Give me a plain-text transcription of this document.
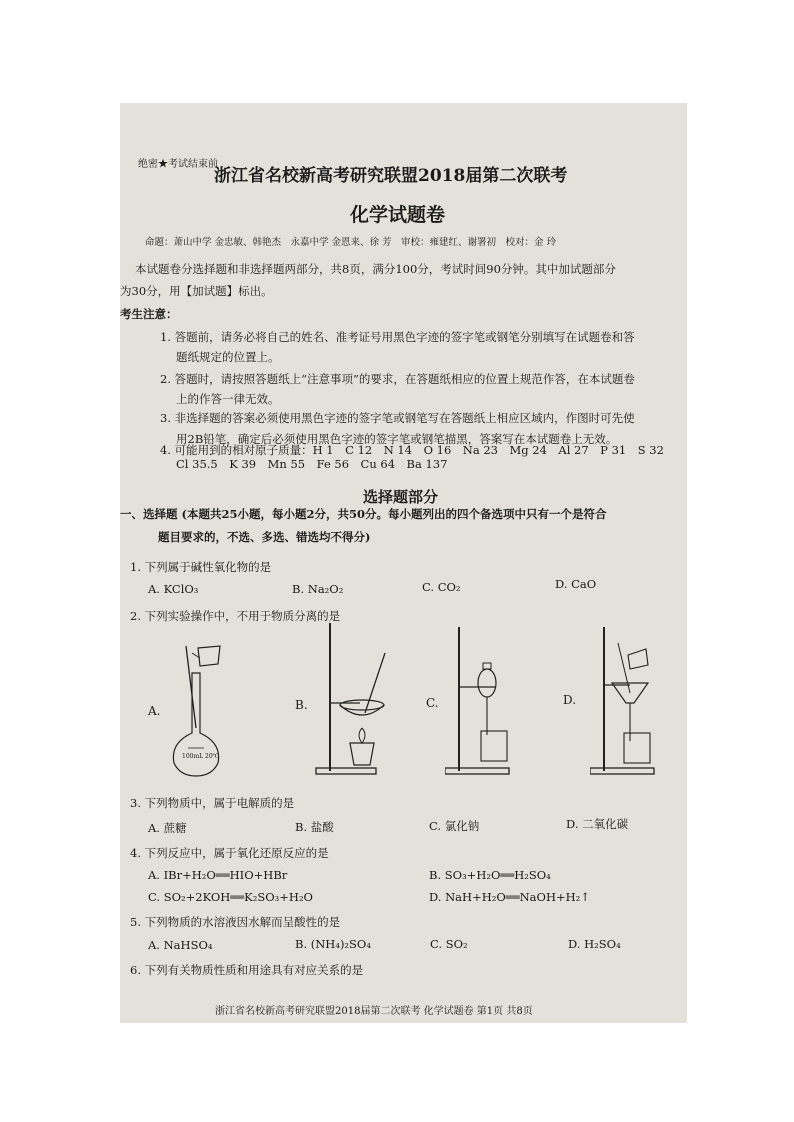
绝密★考试结束前
浙江省名校新高考研究联盟2018届第二次联考
化学试题卷
命题：萧山中学 金忠敏、韩艳杰　永嘉中学 金恩来、徐 芳　审校：雍建红、谢署初　校对：金 玲
本试题卷分选择题和非选择题两部分，共8页，满分100分，考试时间90分钟。其中加试题部分
为30分，用【加试题】标出。
考生注意：
1. 答题前，请务必将自己的姓名、准考证号用黑色字迹的签字笔或钢笔分别填写在试题卷和答
题纸规定的位置上。
2. 答题时，请按照答题纸上“注意事项”的要求，在答题纸相应的位置上规范作答，在本试题卷
上的作答一律无效。
3. 非选择题的答案必须使用黑色字迹的签字笔或钢笔写在答题纸上相应区域内，作图时可先使
用2B铅笔，确定后必须使用黑色字迹的签字笔或钢笔描黑，答案写在本试题卷上无效。
4. 可能用到的相对原子质量：H 1　C 12　N 14　O 16　Na 23　Mg 24　Al 27　P 31　S 32
Cl 35.5　K 39　Mn 55　Fe 56　Cu 64　Ba 137
选择题部分
一、选择题 (本题共25小题，每小题2分，共50分。每小题列出的四个备选项中只有一个是符合
题目要求的，不选、多选、错选均不得分)
1. 下列属于碱性氧化物的是
A. KClO₃	B. Na₂O₂	C. CO₂	D. CaO
2. 下列实验操作中，不用于物质分离的是
A.	B.	C.	D.
100mL 20℃
3. 下列物质中，属于电解质的是
A. 蔗糖	B. 盐酸	C. 氯化钠	D. 二氧化碳
4. 下列反应中，属于氧化还原反应的是
A. IBr+H₂O══HIO+HBr	B. SO₃+H₂O══H₂SO₄
C. SO₂+2KOH══K₂SO₃+H₂O	D. NaH+H₂O══NaOH+H₂↑
5. 下列物质的水溶液因水解而呈酸性的是
A. NaHSO₄	B. (NH₄)₂SO₄	C. SO₂	D. H₂SO₄
6. 下列有关物质性质和用途具有对应关系的是
浙江省名校新高考研究联盟2018届第二次联考 化学试题卷 第1页 共8页
